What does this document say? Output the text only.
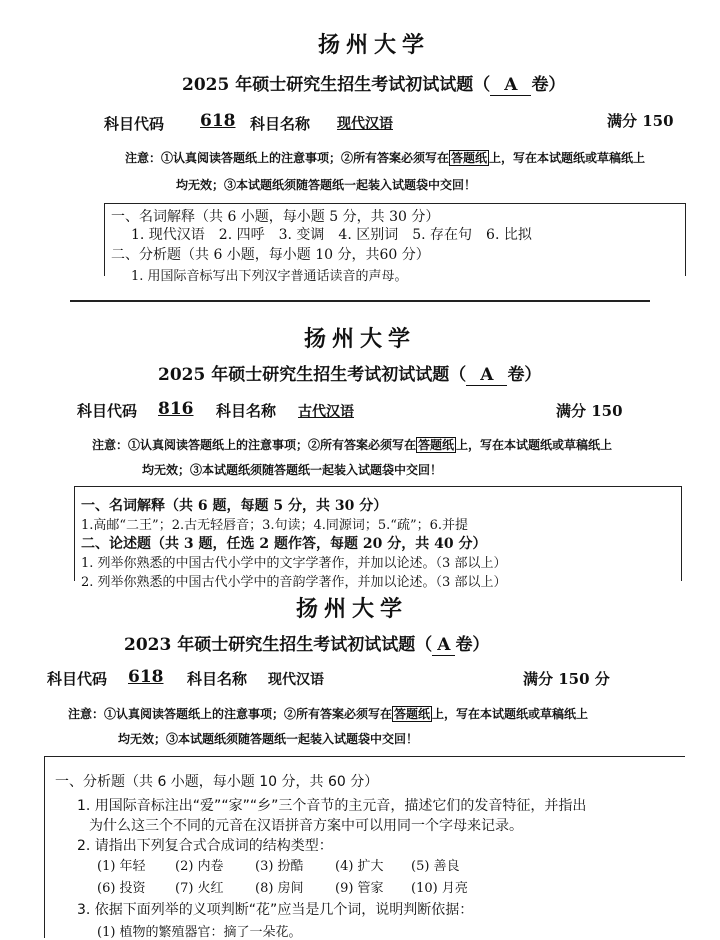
扬州大学
2025 年硕士研究生招生考试初试试题（ A 卷）
科目代码 618 科目名称 现代汉语	满分 150
注意：①认真阅读答题纸上的注意事项；②所有答案必须写在 答题纸 上，写在本试题纸或草稿纸上
均无效；③本试题纸须随答题纸一起装入试题袋中交回！
一、名词解释（共 6 小题，每小题 5 分，共 30 分）
1. 现代汉语　2. 四呼　3. 变调　4. 区别词　5. 存在句　6. 比拟
二、分析题（共 6 小题，每小题 10 分，共60 分）
1. 用国际音标写出下列汉字普通话读音的声母。
扬州大学
2025 年硕士研究生招生考试初试试题（ A 卷）
科目代码 816 科目名称 古代汉语	满分 150
注意：①认真阅读答题纸上的注意事项；②所有答案必须写在 答题纸 上，写在本试题纸或草稿纸上
均无效；③本试题纸须随答题纸一起装入试题袋中交回！
一、名词解释（共 6 题，每题 5 分，共 30 分）
1.高邮“二王”；2.古无轻唇音；3.句读；4.同源词；5.“疏”；6.并提
二、论述题（共 3 题，任选 2 题作答，每题 20 分，共 40 分）
1. 列举你熟悉的中国古代小学中的文字学著作，并加以论述。（3 部以上）
2. 列举你熟悉的中国古代小学中的音韵学著作，并加以论述。（3 部以上）
扬州大学
2023 年硕士研究生招生考试初试试题（ A 卷）
科目代码 618 科目名称 现代汉语	满分 150 分
注意：①认真阅读答题纸上的注意事项；②所有答案必须写在 答题纸 上，写在本试题纸或草稿纸上
均无效；③本试题纸须随答题纸一起装入试题袋中交回！
一、分析题（共 6 小题，每小题 10 分，共 60 分）
1. 用国际音标注出“爱”“家”“乡”三个音节的主元音，描述它们的发音特征，并指出
为什么这三个不同的元音在汉语拼音方案中可以用同一个字母来记录。
2. 请指出下列复合式合成词的结构类型：
(1) 年轻 (2) 内卷 (3) 扮酷 (4) 扩大 (5) 善良
(6) 投资 (7) 火红 (8) 房间 (9) 管家 (10) 月亮
3. 依据下面列举的义项判断“花”应当是几个词，说明判断依据：
(1) 植物的繁殖器官：摘了一朵花。
